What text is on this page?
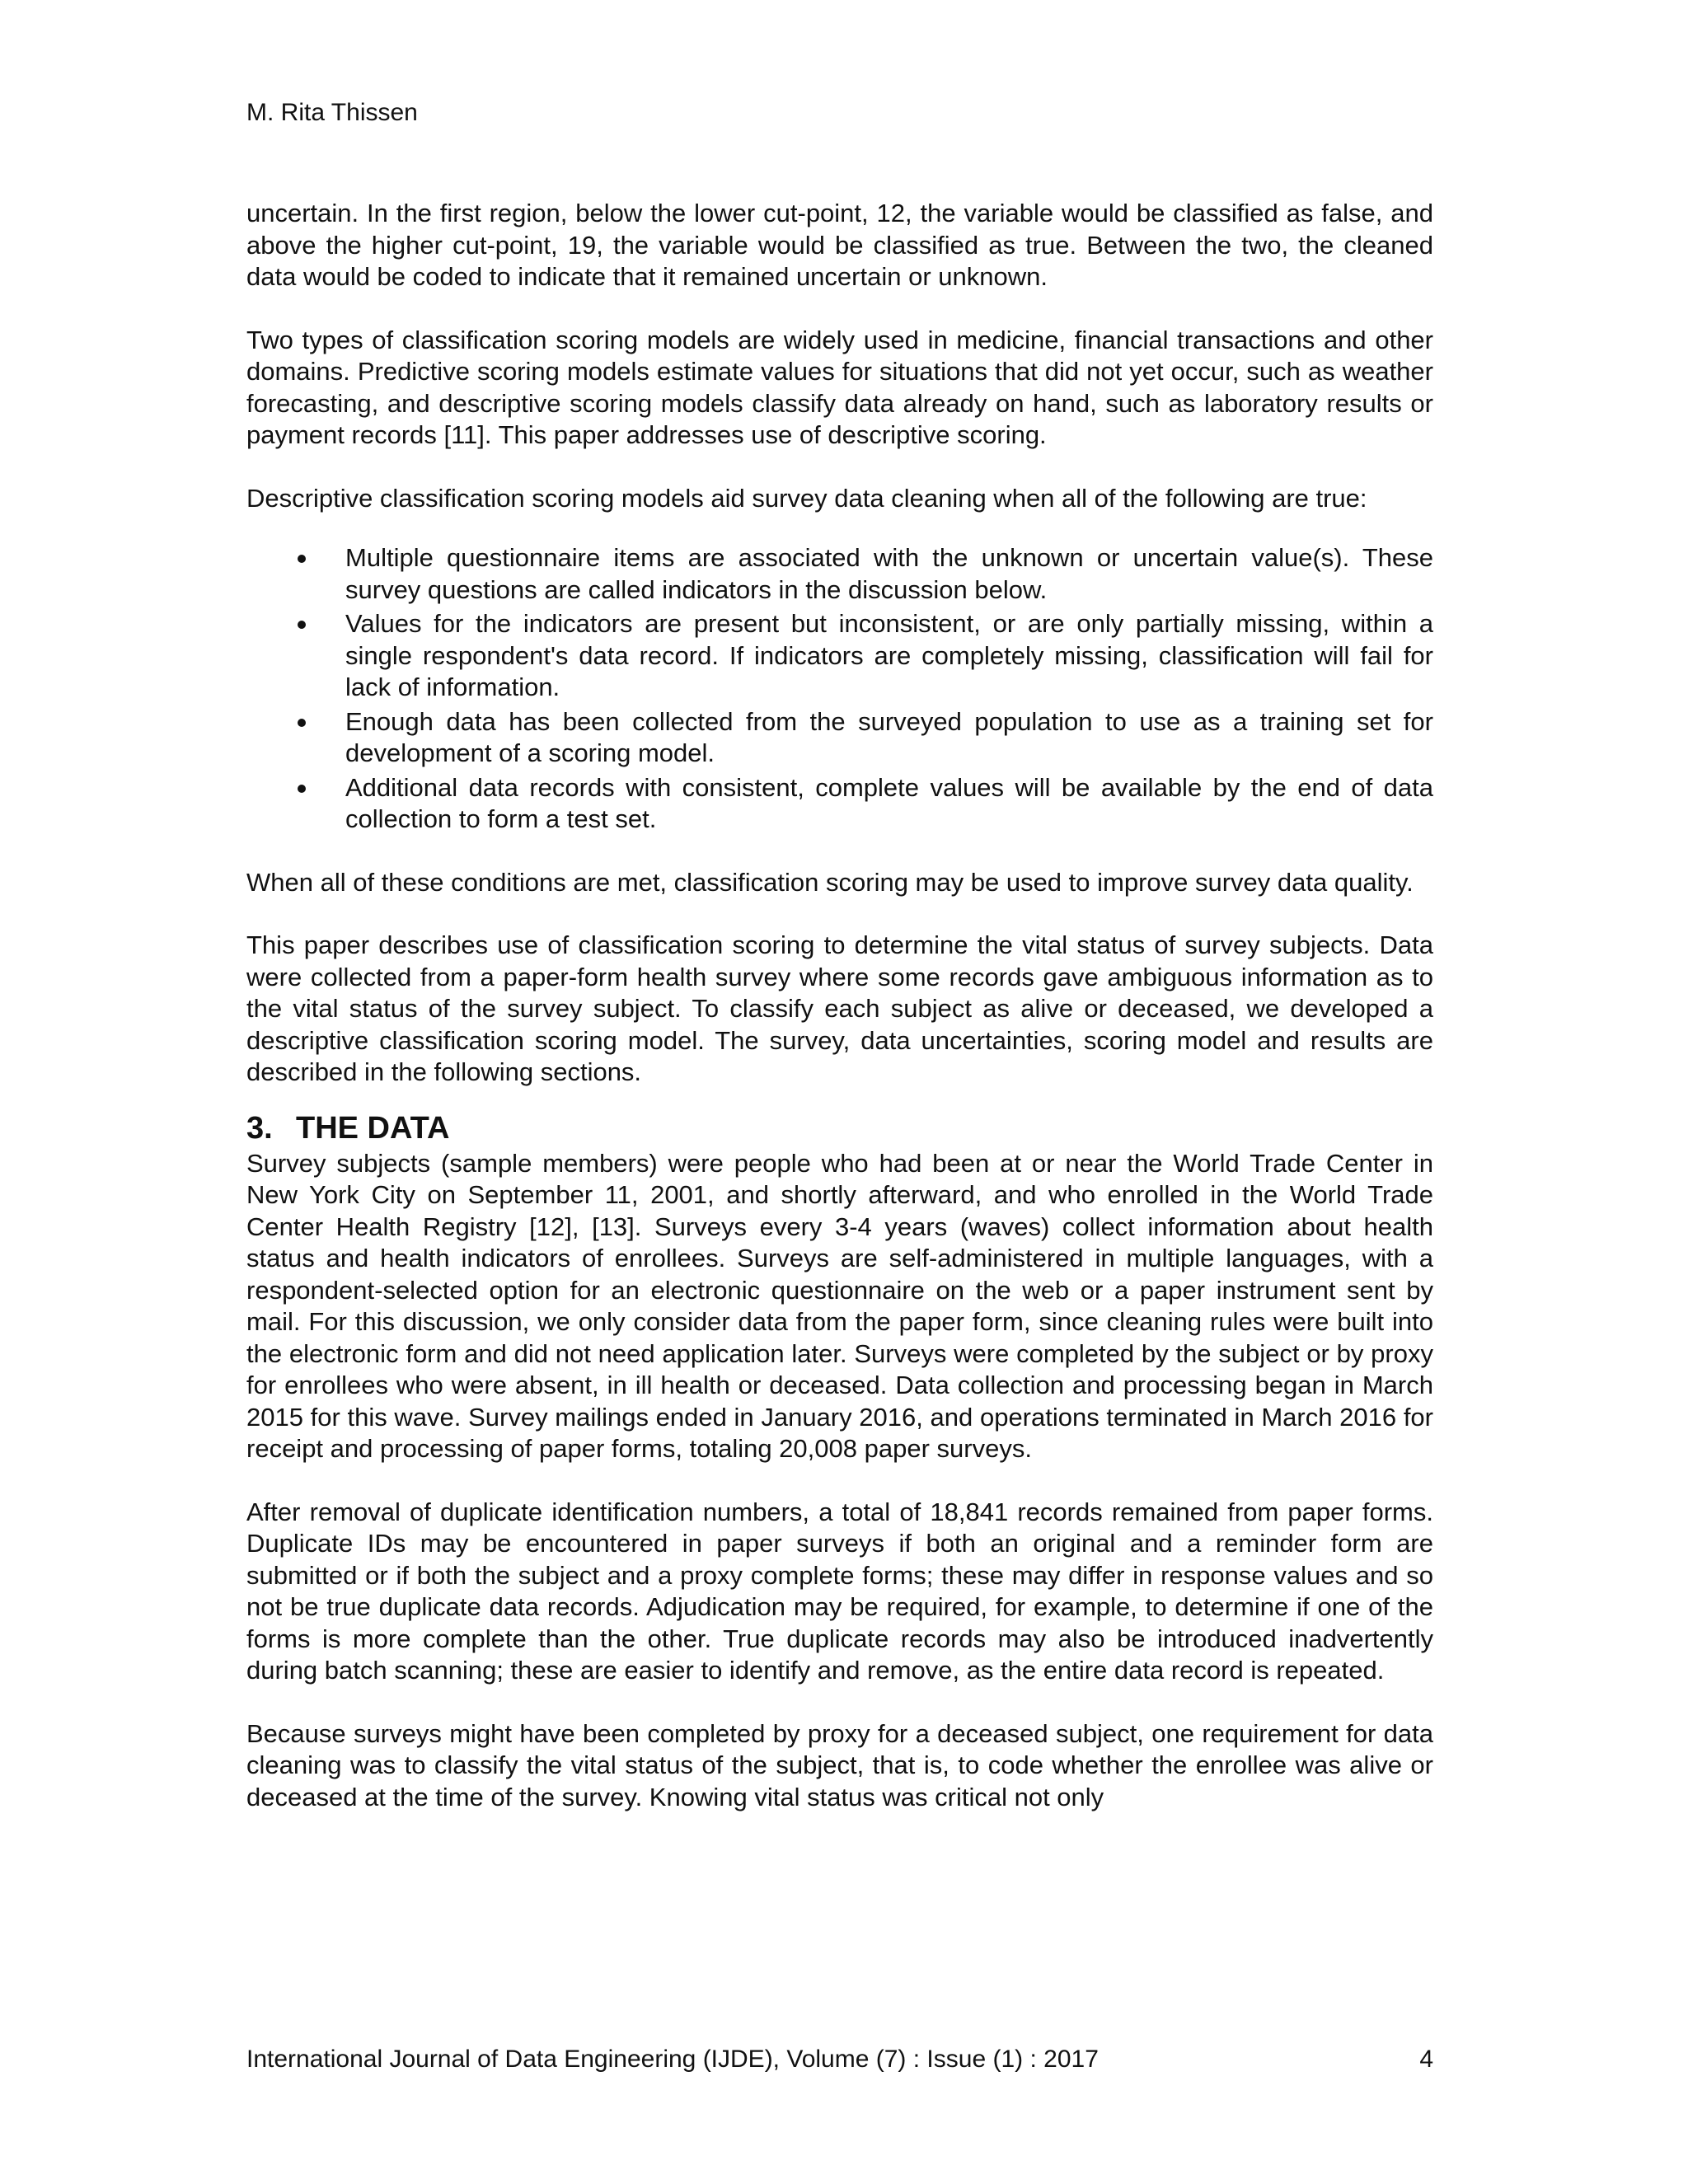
M. Rita Thissen

uncertain. In the first region, below the lower cut-point, 12, the variable would be classified as false, and above the higher cut-point, 19, the variable would be classified as true. Between the two, the cleaned data would be coded to indicate that it remained uncertain or unknown.

Two types of classification scoring models are widely used in medicine, financial transactions and other domains. Predictive scoring models estimate values for situations that did not yet occur, such as weather forecasting, and descriptive scoring models classify data already on hand, such as laboratory results or payment records [11]. This paper addresses use of descriptive scoring.

Descriptive classification scoring models aid survey data cleaning when all of the following are true:

Multiple questionnaire items are associated with the unknown or uncertain value(s). These survey questions are called indicators in the discussion below.
Values for the indicators are present but inconsistent, or are only partially missing, within a single respondent's data record. If indicators are completely missing, classification will fail for lack of information.
Enough data has been collected from the surveyed population to use as a training set for development of a scoring model.
Additional data records with consistent, complete values will be available by the end of data collection to form a test set.

When all of these conditions are met, classification scoring may be used to improve survey data quality.

This paper describes use of classification scoring to determine the vital status of survey subjects. Data were collected from a paper-form health survey where some records gave ambiguous information as to the vital status of the survey subject. To classify each subject as alive or deceased, we developed a descriptive classification scoring model. The survey, data uncertainties, scoring model and results are described in the following sections.

3. THE DATA

Survey subjects (sample members) were people who had been at or near the World Trade Center in New York City on September 11, 2001, and shortly afterward, and who enrolled in the World Trade Center Health Registry [12], [13]. Surveys every 3-4 years (waves) collect information about health status and health indicators of enrollees. Surveys are self-administered in multiple languages, with a respondent-selected option for an electronic questionnaire on the web or a paper instrument sent by mail. For this discussion, we only consider data from the paper form, since cleaning rules were built into the electronic form and did not need application later. Surveys were completed by the subject or by proxy for enrollees who were absent, in ill health or deceased. Data collection and processing began in March 2015 for this wave. Survey mailings ended in January 2016, and operations terminated in March 2016 for receipt and processing of paper forms, totaling 20,008 paper surveys.

After removal of duplicate identification numbers, a total of 18,841 records remained from paper forms. Duplicate IDs may be encountered in paper surveys if both an original and a reminder form are submitted or if both the subject and a proxy complete forms; these may differ in response values and so not be true duplicate data records. Adjudication may be required, for example, to determine if one of the forms is more complete than the other. True duplicate records may also be introduced inadvertently during batch scanning; these are easier to identify and remove, as the entire data record is repeated.

Because surveys might have been completed by proxy for a deceased subject, one requirement for data cleaning was to classify the vital status of the subject, that is, to code whether the enrollee was alive or deceased at the time of the survey. Knowing vital status was critical not only

International Journal of Data Engineering (IJDE), Volume (7) : Issue (1) : 2017	4
